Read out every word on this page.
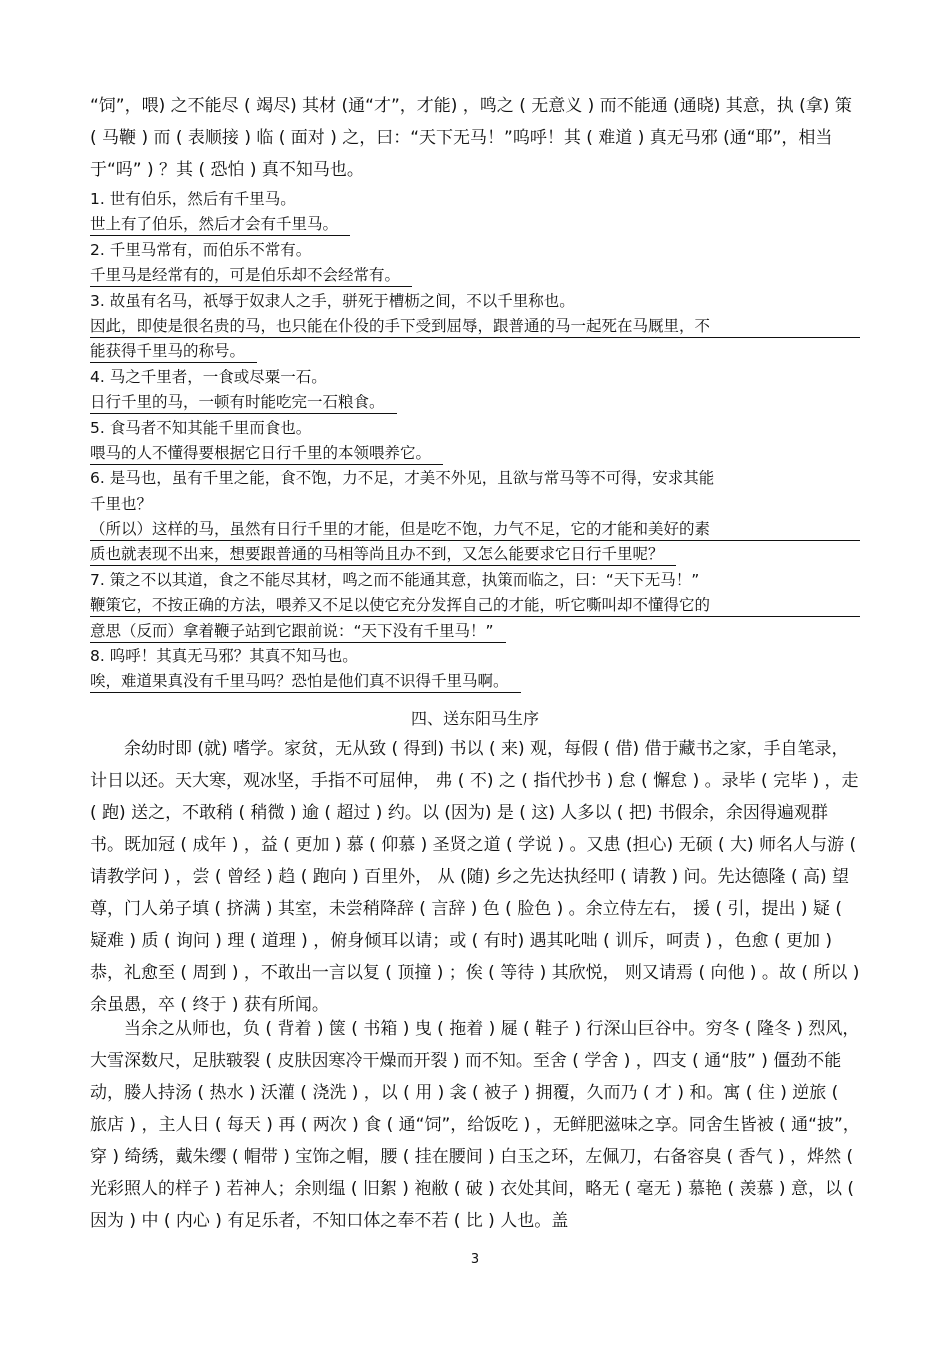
“饲”，喂) 之不能尽 ( 竭尽) 其材 (通“才”，才能) ，鸣之 ( 无意义 ) 而不能通 (通晓) 其意，执 (拿) 策 ( 马鞭 ) 而 ( 表顺接 ) 临 ( 面对 ) 之，曰：“天下无马！”呜呼！其 ( 难道 ) 真无马邪 (通“耶”，相当于“吗” ) ？其 ( 恐怕 ) 真不知马也。

1. 世有伯乐，然后有千里马。
世上有了伯乐，然后才会有千里马。
2. 千里马常有，而伯乐不常有。
千里马是经常有的，可是伯乐却不会经常有。
3. 故虽有名马，祇辱于奴隶人之手，骈死于槽枥之间，不以千里称也。
因此，即使是很名贵的马，也只能在仆役的手下受到屈辱，跟普通的马一起死在马厩里，不
能获得千里马的称号。
4. 马之千里者，一食或尽粟一石。
日行千里的马，一顿有时能吃完一石粮食。
5. 食马者不知其能千里而食也。
喂马的人不懂得要根据它日行千里的本领喂养它。
6. 是马也，虽有千里之能，食不饱，力不足，才美不外见，且欲与常马等不可得，安求其能
千里也？
（所以）这样的马，虽然有日行千里的才能，但是吃不饱，力气不足，它的才能和美好的素
质也就表现不出来，想要跟普通的马相等尚且办不到，又怎么能要求它日行千里呢？
7. 策之不以其道，食之不能尽其材，鸣之而不能通其意，执策而临之，曰：“天下无马！”
鞭策它，不按正确的方法，喂养又不足以使它充分发挥自己的才能，听它嘶叫却不懂得它的
意思（反而）拿着鞭子站到它跟前说：“天下没有千里马！”
8. 呜呼！其真无马邪？其真不知马也。
唉，难道果真没有千里马吗？恐怕是他们真不识得千里马啊。
四、送东阳马生序

余幼时即 (就) 嗜学。家贫，无从致 ( 得到) 书以 ( 来) 观，每假 ( 借) 借于藏书之家，手自笔录，计日以还。天大寒，观冰坚，手指不可屈伸， 弗 ( 不) 之 ( 指代抄书 ) 怠 ( 懈怠 ) 。录毕 ( 完毕 ) ，走 ( 跑) 送之，不敢稍 ( 稍微 ) 逾 ( 超过 ) 约。以 (因为) 是 ( 这) 人多以 ( 把) 书假余，余因得遍观群书。既加冠 ( 成年 ) ，益 ( 更加 ) 慕 ( 仰慕 ) 圣贤之道 ( 学说 ) 。又患 (担心) 无硕 ( 大) 师名人与游 ( 请教学问 ) ，尝 ( 曾经 ) 趋 ( 跑向 ) 百里外， 从 (随) 乡之先达执经叩 ( 请教 ) 问。先达德隆 ( 高) 望尊，门人弟子填 ( 挤满 ) 其室，未尝稍降辞 ( 言辞 ) 色 ( 脸色 ) 。余立侍左右， 援 ( 引，提出 ) 疑 ( 疑难 ) 质 ( 询问 ) 理 ( 道理 ) ，俯身倾耳以请；或 ( 有时) 遇其叱咄 ( 训斥，呵责 ) ，色愈 ( 更加 ) 恭，礼愈至 ( 周到 ) ，不敢出一言以复 ( 顶撞 ) ；俟 ( 等待 ) 其欣悦， 则又请焉 ( 向他 ) 。故 ( 所以 ) 余虽愚，卒 ( 终于 ) 获有所闻。

当余之从师也，负 ( 背着 ) 箧 ( 书箱 ) 曳 ( 拖着 ) 屣 ( 鞋子 ) 行深山巨谷中。穷冬 ( 隆冬 ) 烈风，大雪深数尺，足肤皲裂 ( 皮肤因寒冷干燥而开裂 ) 而不知。至舍 ( 学舍 ) ，四支 ( 通“肢” ) 僵劲不能动，媵人持汤 ( 热水 ) 沃灌 ( 浇洗 ) ，以 ( 用 ) 衾 ( 被子 ) 拥覆，久而乃 ( 才 ) 和。寓 ( 住 ) 逆旅 ( 旅店 ) ，主人日 ( 每天 ) 再 ( 两次 ) 食 ( 通“饲”，给饭吃 ) ，无鲜肥滋味之享。同舍生皆被 ( 通“披”，穿 ) 绮绣，戴朱缨 ( 帽带 ) 宝饰之帽，腰 ( 挂在腰间 ) 白玉之环，左佩刀，右备容臭 ( 香气 ) ，烨然 ( 光彩照人的样子 ) 若神人；余则缊 ( 旧絮 ) 袍敝 ( 破 ) 衣处其间，略无 ( 毫无 ) 慕艳 ( 羡慕 ) 意，以 ( 因为 ) 中 ( 内心 ) 有足乐者，不知口体之奉不若 ( 比 ) 人也。盖

3
